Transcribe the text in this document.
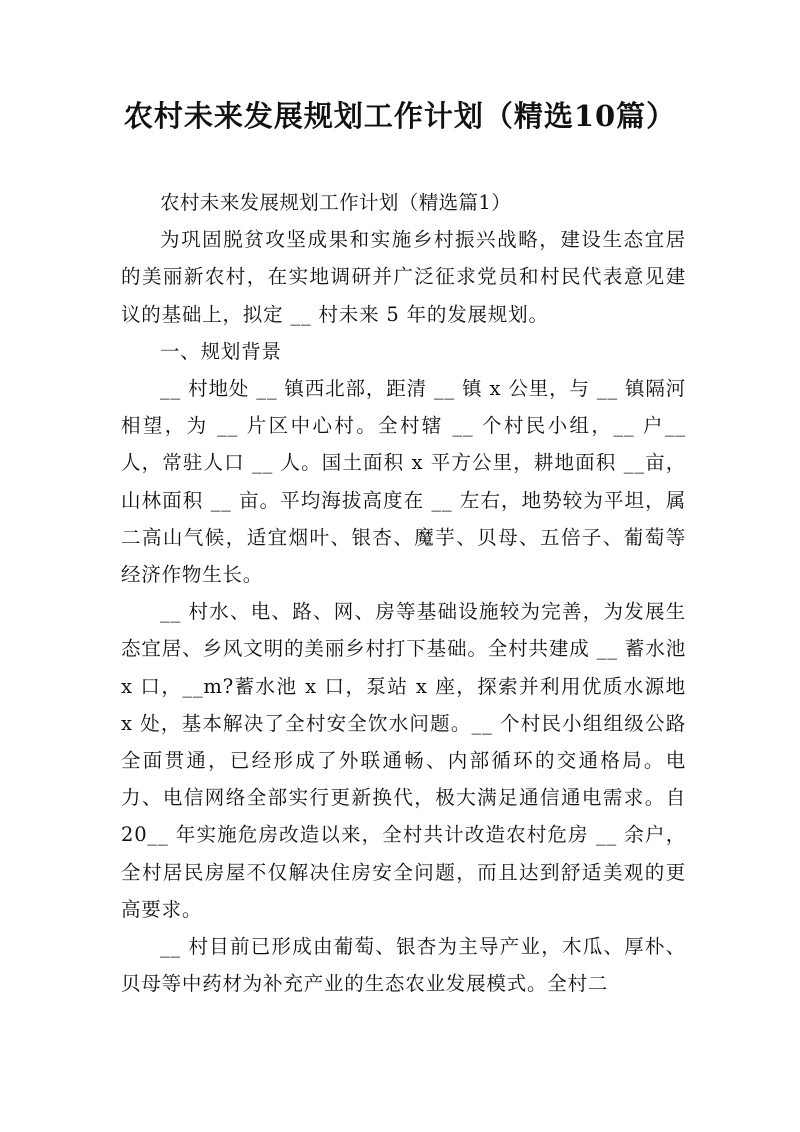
农村未来发展规划工作计划（精选10篇）

农村未来发展规划工作计划（精选篇1）

为巩固脱贫攻坚成果和实施乡村振兴战略，建设生态宜居的美丽新农村，在实地调研并广泛征求党员和村民代表意见建议的基础上，拟定 __ 村未来 5 年的发展规划。

一、规划背景

__ 村地处 __ 镇西北部，距清 __ 镇 x 公里，与 __ 镇隔河相望，为 __ 片区中心村。全村辖 __ 个村民小组，__ 户__ 人，常驻人口 __ 人。国土面积 x 平方公里，耕地面积 __亩，山林面积 __ 亩。平均海拔高度在 __ 左右，地势较为平坦，属二高山气候，适宜烟叶、银杏、魔芋、贝母、五倍子、葡萄等经济作物生长。

__ 村水、电、路、网、房等基础设施较为完善，为发展生态宜居、乡风文明的美丽乡村打下基础。全村共建成 __ 蓄水池 x 口，__m?蓄水池 x 口，泵站 x 座，探索并利用优质水源地 x 处，基本解决了全村安全饮水问题。__ 个村民小组组级公路全面贯通，已经形成了外联通畅、内部循环的交通格局。电力、电信网络全部实行更新换代，极大满足通信通电需求。自 20__ 年实施危房改造以来，全村共计改造农村危房 __ 余户，全村居民房屋不仅解决住房安全问题，而且达到舒适美观的更高要求。

__ 村目前已形成由葡萄、银杏为主导产业，木瓜、厚朴、贝母等中药材为补充产业的生态农业发展模式。全村二
